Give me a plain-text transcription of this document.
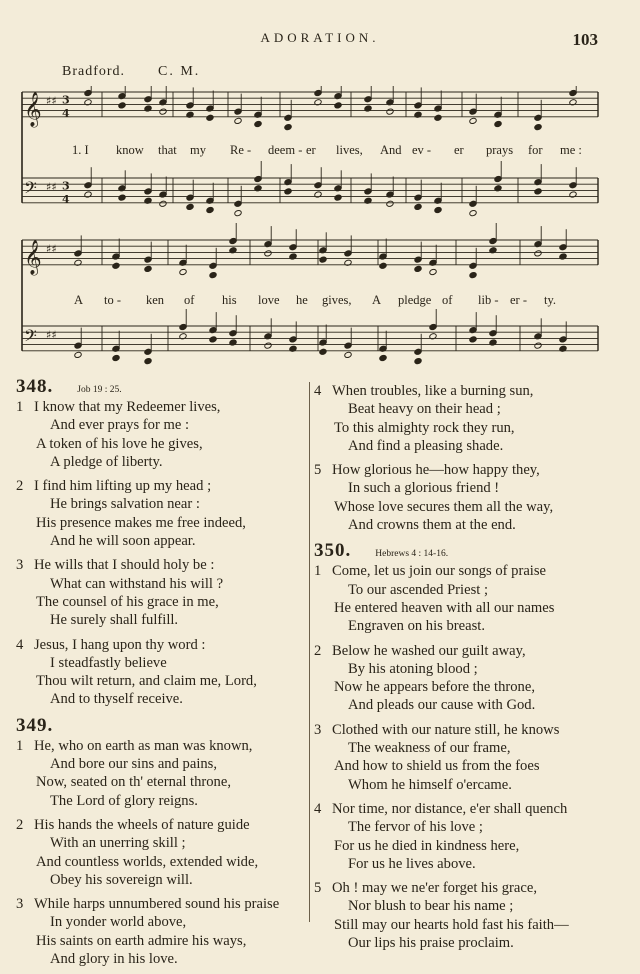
ADORATION.	103
Bradford. C. M.
𝄞 ♯♯ 3
4
𝄢 ♯♯ 3
4
𝄞 ♯♯
𝄢 ♯♯
1. I know that my Re - deem - er lives, And ev - er prays for me :
A to - ken of his love he gives, A pledge of lib - er - ty.
348.	Job 19 : 25.
1 I know that my Redeemer lives,
And ever prays for me :
A token of his love he gives,
A pledge of liberty.
2 I find him lifting up my head ;
He brings salvation near :
His presence makes me free indeed,
And he will soon appear.
3 He wills that I should holy be :
What can withstand his will ?
The counsel of his grace in me,
He surely shall fulfill.
4 Jesus, I hang upon thy word :
I steadfastly believe
Thou wilt return, and claim me, Lord,
And to thyself receive.
349.
1 He, who on earth as man was known,
And bore our sins and pains,
Now, seated on th' eternal throne,
The Lord of glory reigns.
2 His hands the wheels of nature guide
With an unerring skill ;
And countless worlds, extended wide,
Obey his sovereign will.
3 While harps unnumbered sound his praise
In yonder world above,
His saints on earth admire his ways,
And glory in his love.
4 When troubles, like a burning sun,
Beat heavy on their head ;
To this almighty rock they run,
And find a pleasing shade.
5 How glorious he—how happy they,
In such a glorious friend !
Whose love secures them all the way,
And crowns them at the end.
350.	Hebrews 4 : 14-16.
1 Come, let us join our songs of praise
To our ascended Priest ;
He entered heaven with all our names
Engraven on his breast.
2 Below he washed our guilt away,
By his atoning blood ;
Now he appears before the throne,
And pleads our cause with God.
3 Clothed with our nature still, he knows
The weakness of our frame,
And how to shield us from the foes
Whom he himself o'ercame.
4 Nor time, nor distance, e'er shall quench
The fervor of his love ;
For us he died in kindness here,
For us he lives above.
5 Oh ! may we ne'er forget his grace,
Nor blush to bear his name ;
Still may our hearts hold fast his faith—
Our lips his praise proclaim.
